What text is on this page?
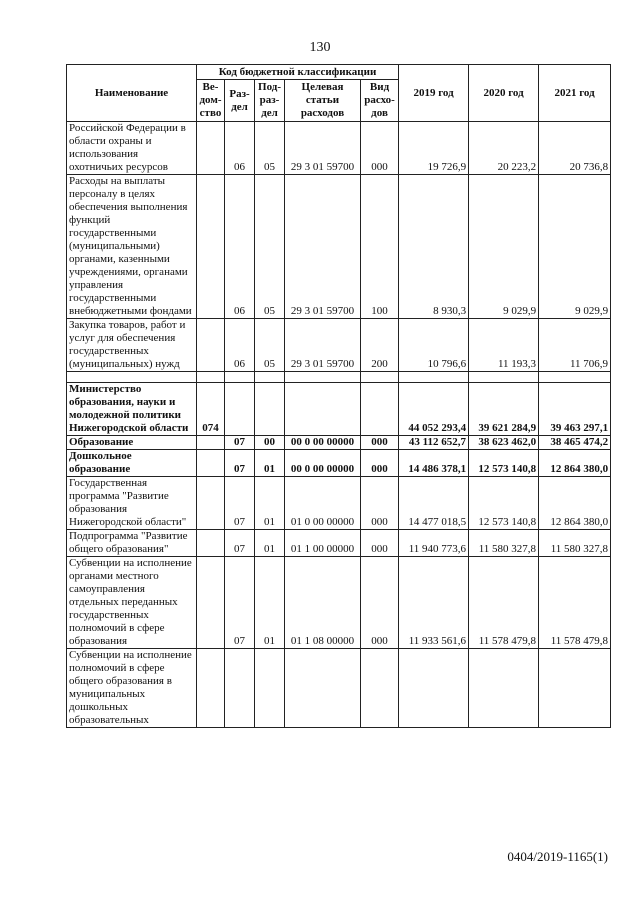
130
Наименование	Код бюджетной классификации					2019 год	2020 год	2021 год
	Ве-дом-ство	Раз-дел	Под-раз-дел	Целевая статьи расходов	Вид расхо-дов			
Российской Федерации в области охраны и использования охотничьих ресурсов		06	05	29 3 01 59700	000	19 726,9	20 223,2	20 736,8
Расходы на выплаты персоналу в целях обеспечения выполнения функций государственными (муниципальными) органами, казенными учреждениями, органами управления государственными внебюджетными фондами		06	05	29 3 01 59700	100	8 930,3	9 029,9	9 029,9
Закупка товаров, работ и услуг для обеспечения государственных (муниципальных) нужд		06	05	29 3 01 59700	200	10 796,6	11 193,3	11 706,9

Министерство образования, науки и молодежной политики Нижегородской области	074					44 052 293,4	39 621 284,9	39 463 297,1
Образование		07	00	00 0 00 00000	000	43 112 652,7	38 623 462,0	38 465 474,2
Дошкольное образование		07	01	00 0 00 00000	000	14 486 378,1	12 573 140,8	12 864 380,0
Государственная программа "Развитие образования Нижегородской области"		07	01	01 0 00 00000	000	14 477 018,5	12 573 140,8	12 864 380,0
Подпрограмма "Развитие общего образования"		07	01	01 1 00 00000	000	11 940 773,6	11 580 327,8	11 580 327,8
Субвенции на исполнение органами местного самоуправления отдельных переданных государственных полномочий в сфере образования		07	01	01 1 08 00000	000	11 933 561,6	11 578 479,8	11 578 479,8
Субвенции на исполнение полномочий в сфере общего образования в муниципальных дошкольных образовательных								
0404/2019-1165(1)
